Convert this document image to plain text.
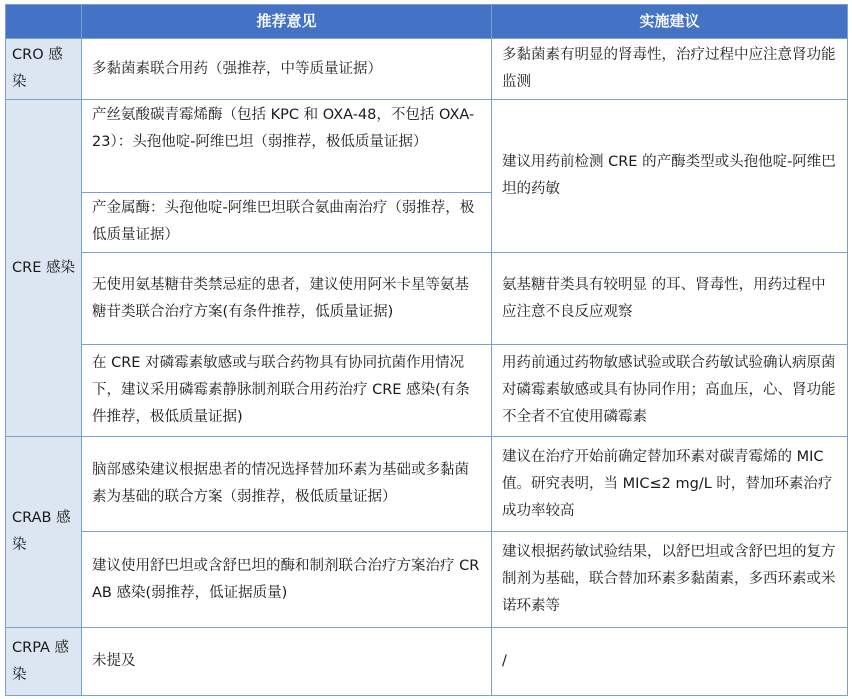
	推荐意见	实施建议
CRO 感染	多黏菌素联合用药（强推荐，中等质量证据）	多黏菌素有明显的肾毒性，治疗过程中应注意肾功能监测
CRE 感染	产丝氨酸碳青霉烯酶（包括 KPC 和 OXA-48，不包括 OXA-23）：头孢他啶-阿维巴坦（弱推荐，极低质量证据）	建议用药前检测 CRE 的产酶类型或头孢他啶-阿维巴坦的药敏
	产金属酶：头孢他啶-阿维巴坦联合氨曲南治疗（弱推荐，极低质量证据）	
	无使用氨基糖苷类禁忌症的患者，建议使用阿米卡星等氨基糖苷类联合治疗方案(有条件推荐，低质量证据)	氨基糖苷类具有较明显 的耳、肾毒性，用药过程中应注意不良反应观察
	在 CRE 对磷霉素敏感或与联合药物具有协同抗菌作用情况下，建议采用磷霉素静脉制剂联合用药治疗 CRE 感染(有条件推荐，极低质量证据)	用药前通过药物敏感试验或联合药敏试验确认病原菌对磷霉素敏感或具有协同作用；高血压，心、肾功能不全者不宜使用磷霉素
CRAB 感染	脑部感染建议根据患者的情况选择替加环素为基础或多黏菌素为基础的联合方案（弱推荐，极低质量证据）	建议在治疗开始前确定替加环素对碳青霉烯的 MIC 值。研究表明，当 MIC≤2 mg/L 时，替加环素治疗成功率较高
	建议使用舒巴坦或含舒巴坦的酶和制剂联合治疗方案治疗 CRAB 感染(弱推荐，低证据质量)	建议根据药敏试验结果，以舒巴坦或含舒巴坦的复方制剂为基础，联合替加环素多黏菌素，多西环素或米诺环素等
CRPA 感染	未提及	/
